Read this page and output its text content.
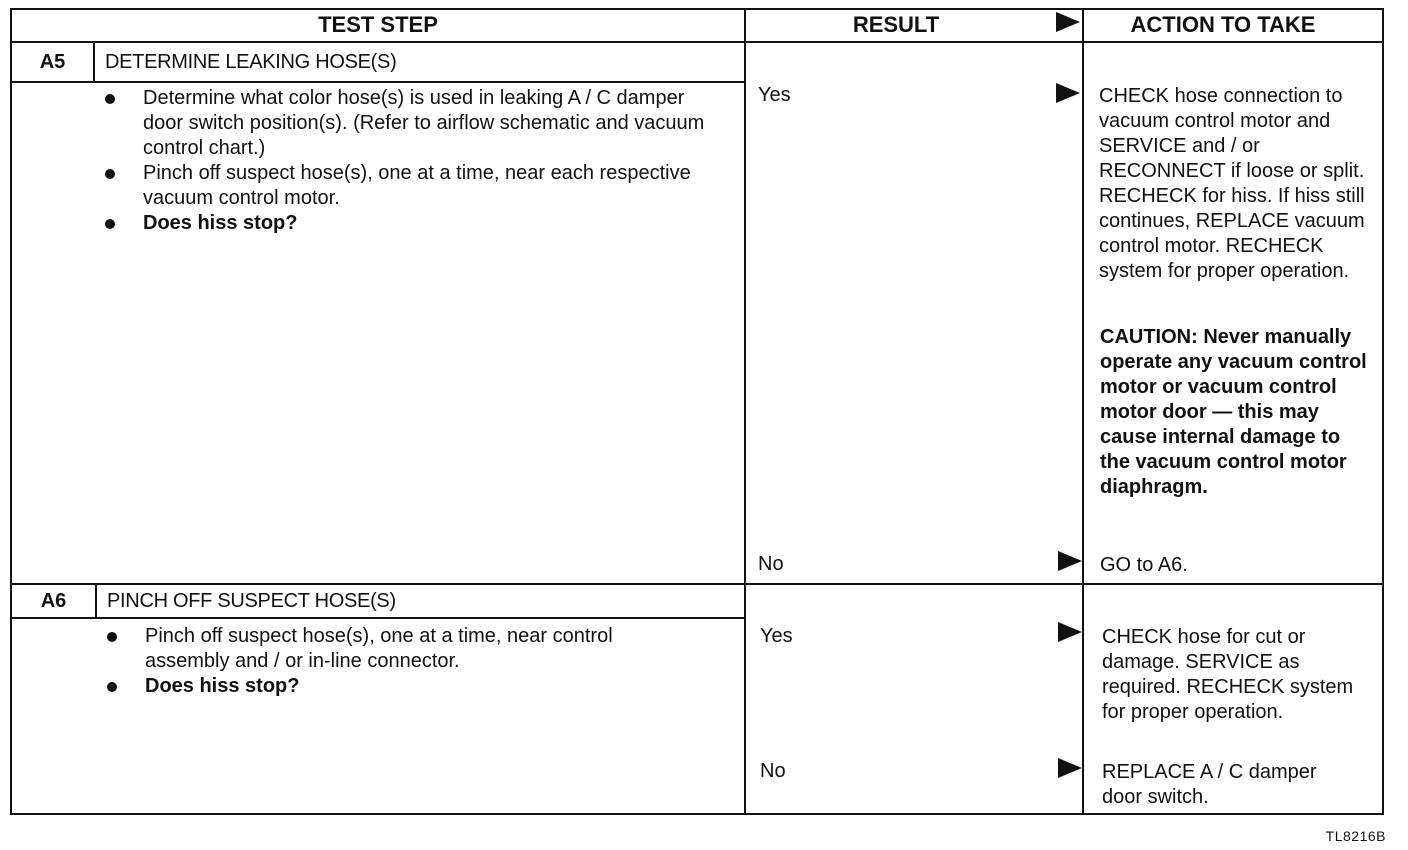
TEST STEP	RESULT	ACTION TO TAKE
A5	DETERMINE LEAKING HOSE(S)
Determine what color hose(s) is used in leaking A / C damper door switch position(s). (Refer to airflow schematic and vacuum control chart.)
Pinch off suspect hose(s), one at a time, near each respective vacuum control motor.
Does hiss stop?
Yes	CHECK hose connection to vacuum control motor and SERVICE and / or RECONNECT if loose or split. RECHECK for hiss. If hiss still continues, REPLACE vacuum control motor. RECHECK system for proper operation.
CAUTION: Never manually operate any vacuum control motor or vacuum control motor door — this may cause internal damage to the vacuum control motor diaphragm.
No	GO to A6.
A6	PINCH OFF SUSPECT HOSE(S)
Pinch off suspect hose(s), one at a time, near control assembly and / or in-line connector.
Does hiss stop?
Yes	CHECK hose for cut or damage. SERVICE as required. RECHECK system for proper operation.
No	REPLACE A / C damper door switch.
TL8216B
